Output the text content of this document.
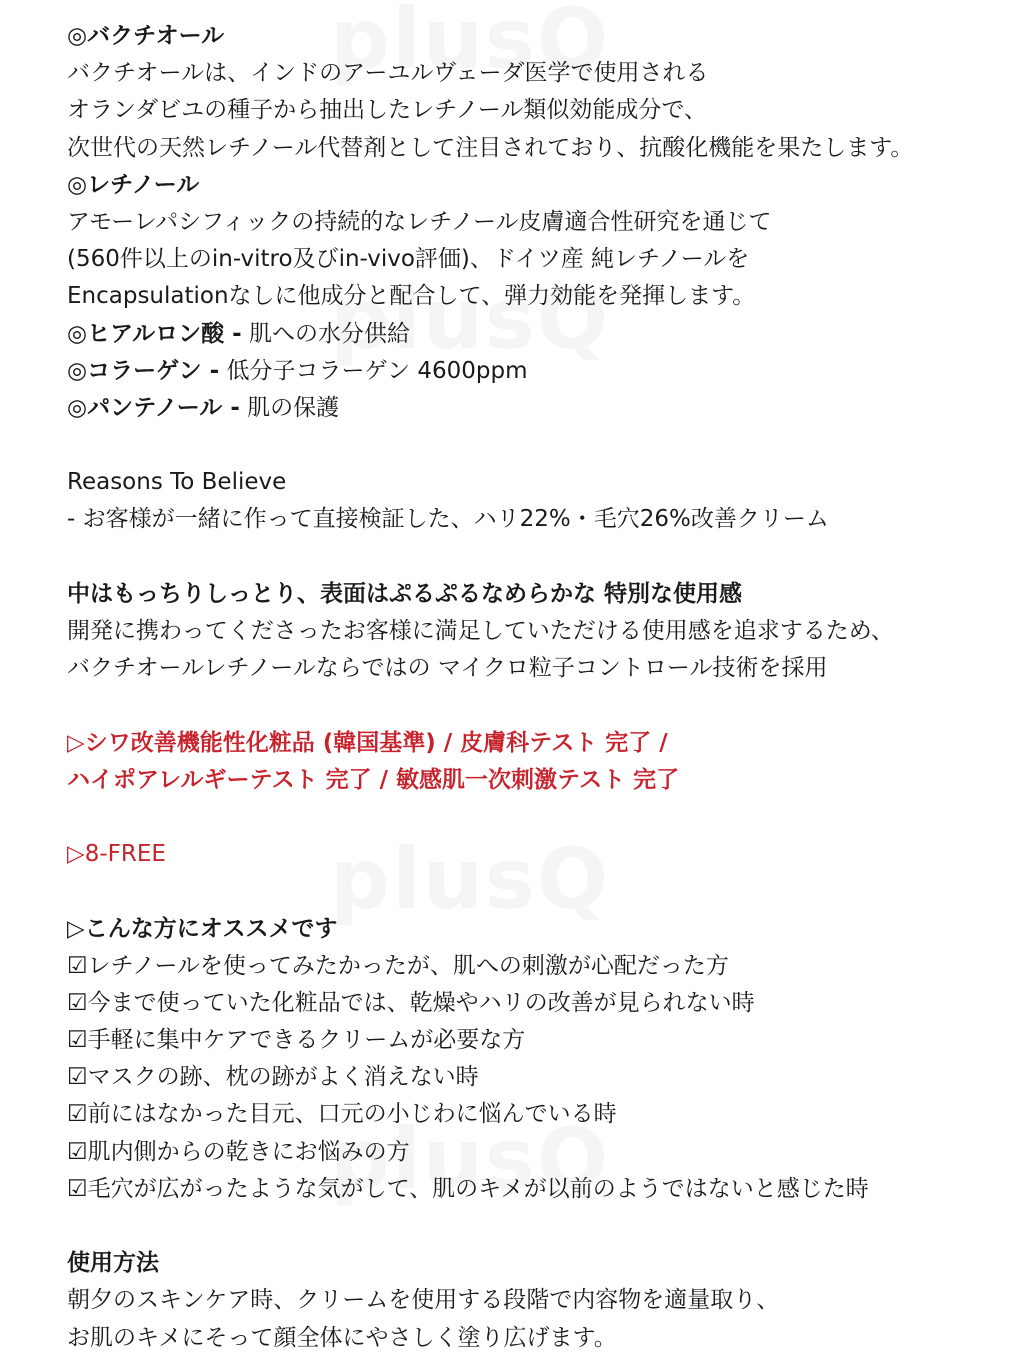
◎バクチオール
バクチオールは、インドのアーユルヴェーダ医学で使用される
オランダビユの種子から抽出したレチノール類似効能成分で、
次世代の天然レチノール代替剤として注目されており、抗酸化機能を果たします。
◎レチノール
アモーレパシフィックの持続的なレチノール皮膚適合性研究を通じて
(560件以上のin-vitro及びin-vivo評価)、ドイツ産 純レチノールを
Encapsulationなしに他成分と配合して、弾力効能を発揮します。
◎ヒアルロン酸 - 肌への水分供給
◎コラーゲン - 低分子コラーゲン 4600ppm
◎パンテノール - 肌の保護
Reasons To Believe
- お客様が一緒に作って直接検証した、ハリ22%・毛穴26%改善クリーム
中はもっちりしっとり、表面はぷるぷるなめらかな 特別な使用感
開発に携わってくださったお客様に満足していただける使用感を追求するため、
バクチオールレチノールならではの マイクロ粒子コントロール技術を採用
▷シワ改善機能性化粧品 (韓国基準) / 皮膚科テスト 完了 /
ハイポアレルギーテスト 完了 / 敏感肌一次刺激テスト 完了
▷8-FREE
▷こんな方にオススメです
☑レチノールを使ってみたかったが、肌への刺激が心配だった方
☑今まで使っていた化粧品では、乾燥やハリの改善が見られない時
☑手軽に集中ケアできるクリームが必要な方
☑マスクの跡、枕の跡がよく消えない時
☑前にはなかった目元、口元の小じわに悩んでいる時
☑肌内側からの乾きにお悩みの方
☑毛穴が広がったような気がして、肌のキメが以前のようではないと感じた時
使用方法
朝夕のスキンケア時、クリームを使用する段階で内容物を適量取り、
お肌のキメにそって顔全体にやさしく塗り広げます。
